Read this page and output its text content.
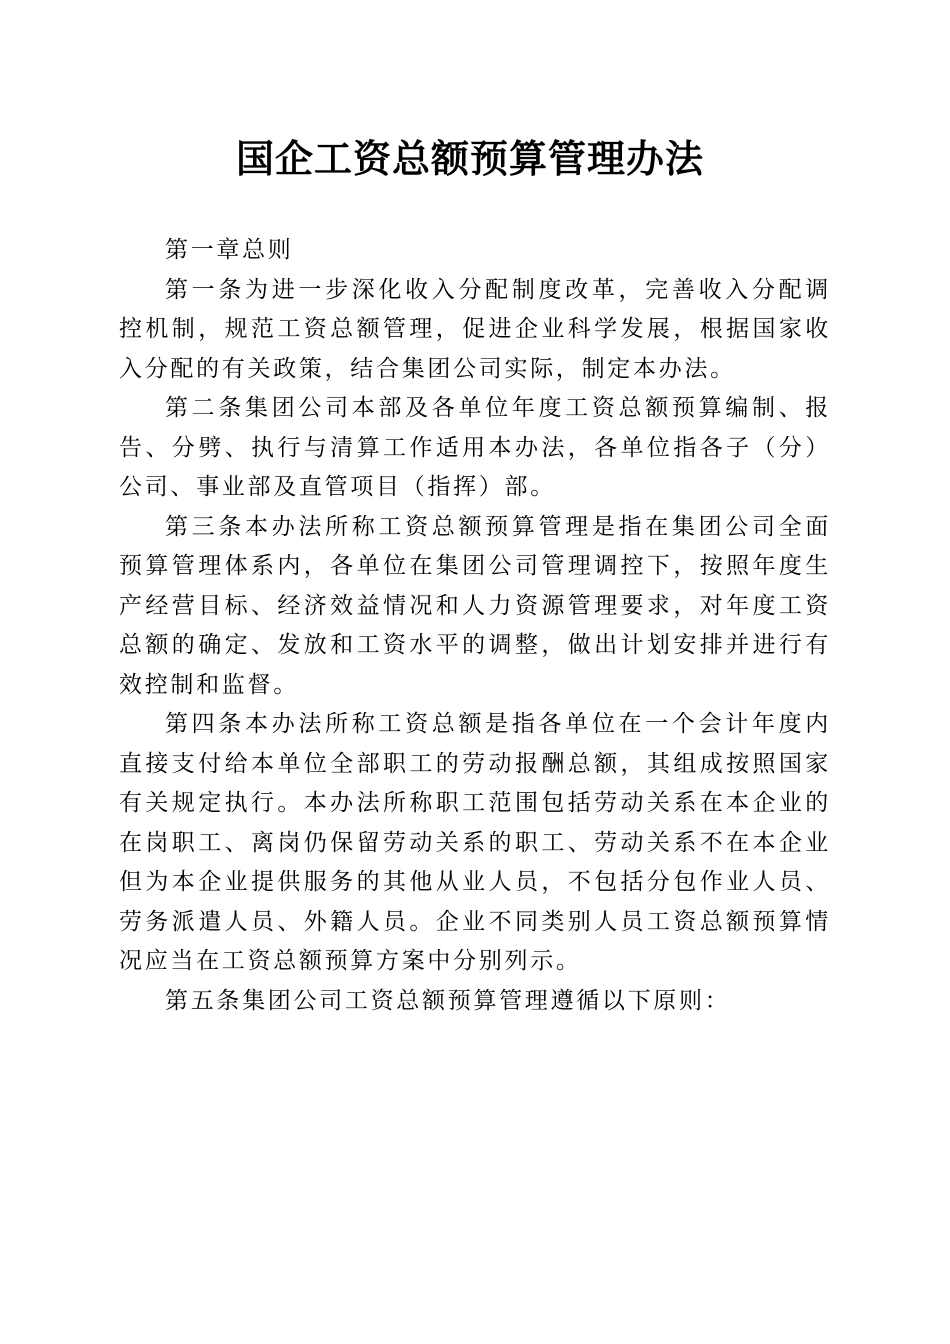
国企工资总额预算管理办法

第一章总则

第一条为进一步深化收入分配制度改革，完善收入分配调控机制，规范工资总额管理，促进企业科学发展，根据国家收入分配的有关政策，结合集团公司实际，制定本办法。

第二条集团公司本部及各单位年度工资总额预算编制、报告、分劈、执行与清算工作适用本办法，各单位指各子（分）公司、事业部及直管项目（指挥）部。

第三条本办法所称工资总额预算管理是指在集团公司全面预算管理体系内，各单位在集团公司管理调控下，按照年度生产经营目标、经济效益情况和人力资源管理要求，对年度工资总额的确定、发放和工资水平的调整，做出计划安排并进行有效控制和监督。

第四条本办法所称工资总额是指各单位在一个会计年度内直接支付给本单位全部职工的劳动报酬总额，其组成按照国家有关规定执行。本办法所称职工范围包括劳动关系在本企业的在岗职工、离岗仍保留劳动关系的职工、劳动关系不在本企业但为本企业提供服务的其他从业人员，不包括分包作业人员、劳务派遣人员、外籍人员。企业不同类别人员工资总额预算情况应当在工资总额预算方案中分别列示。

第五条集团公司工资总额预算管理遵循以下原则：
